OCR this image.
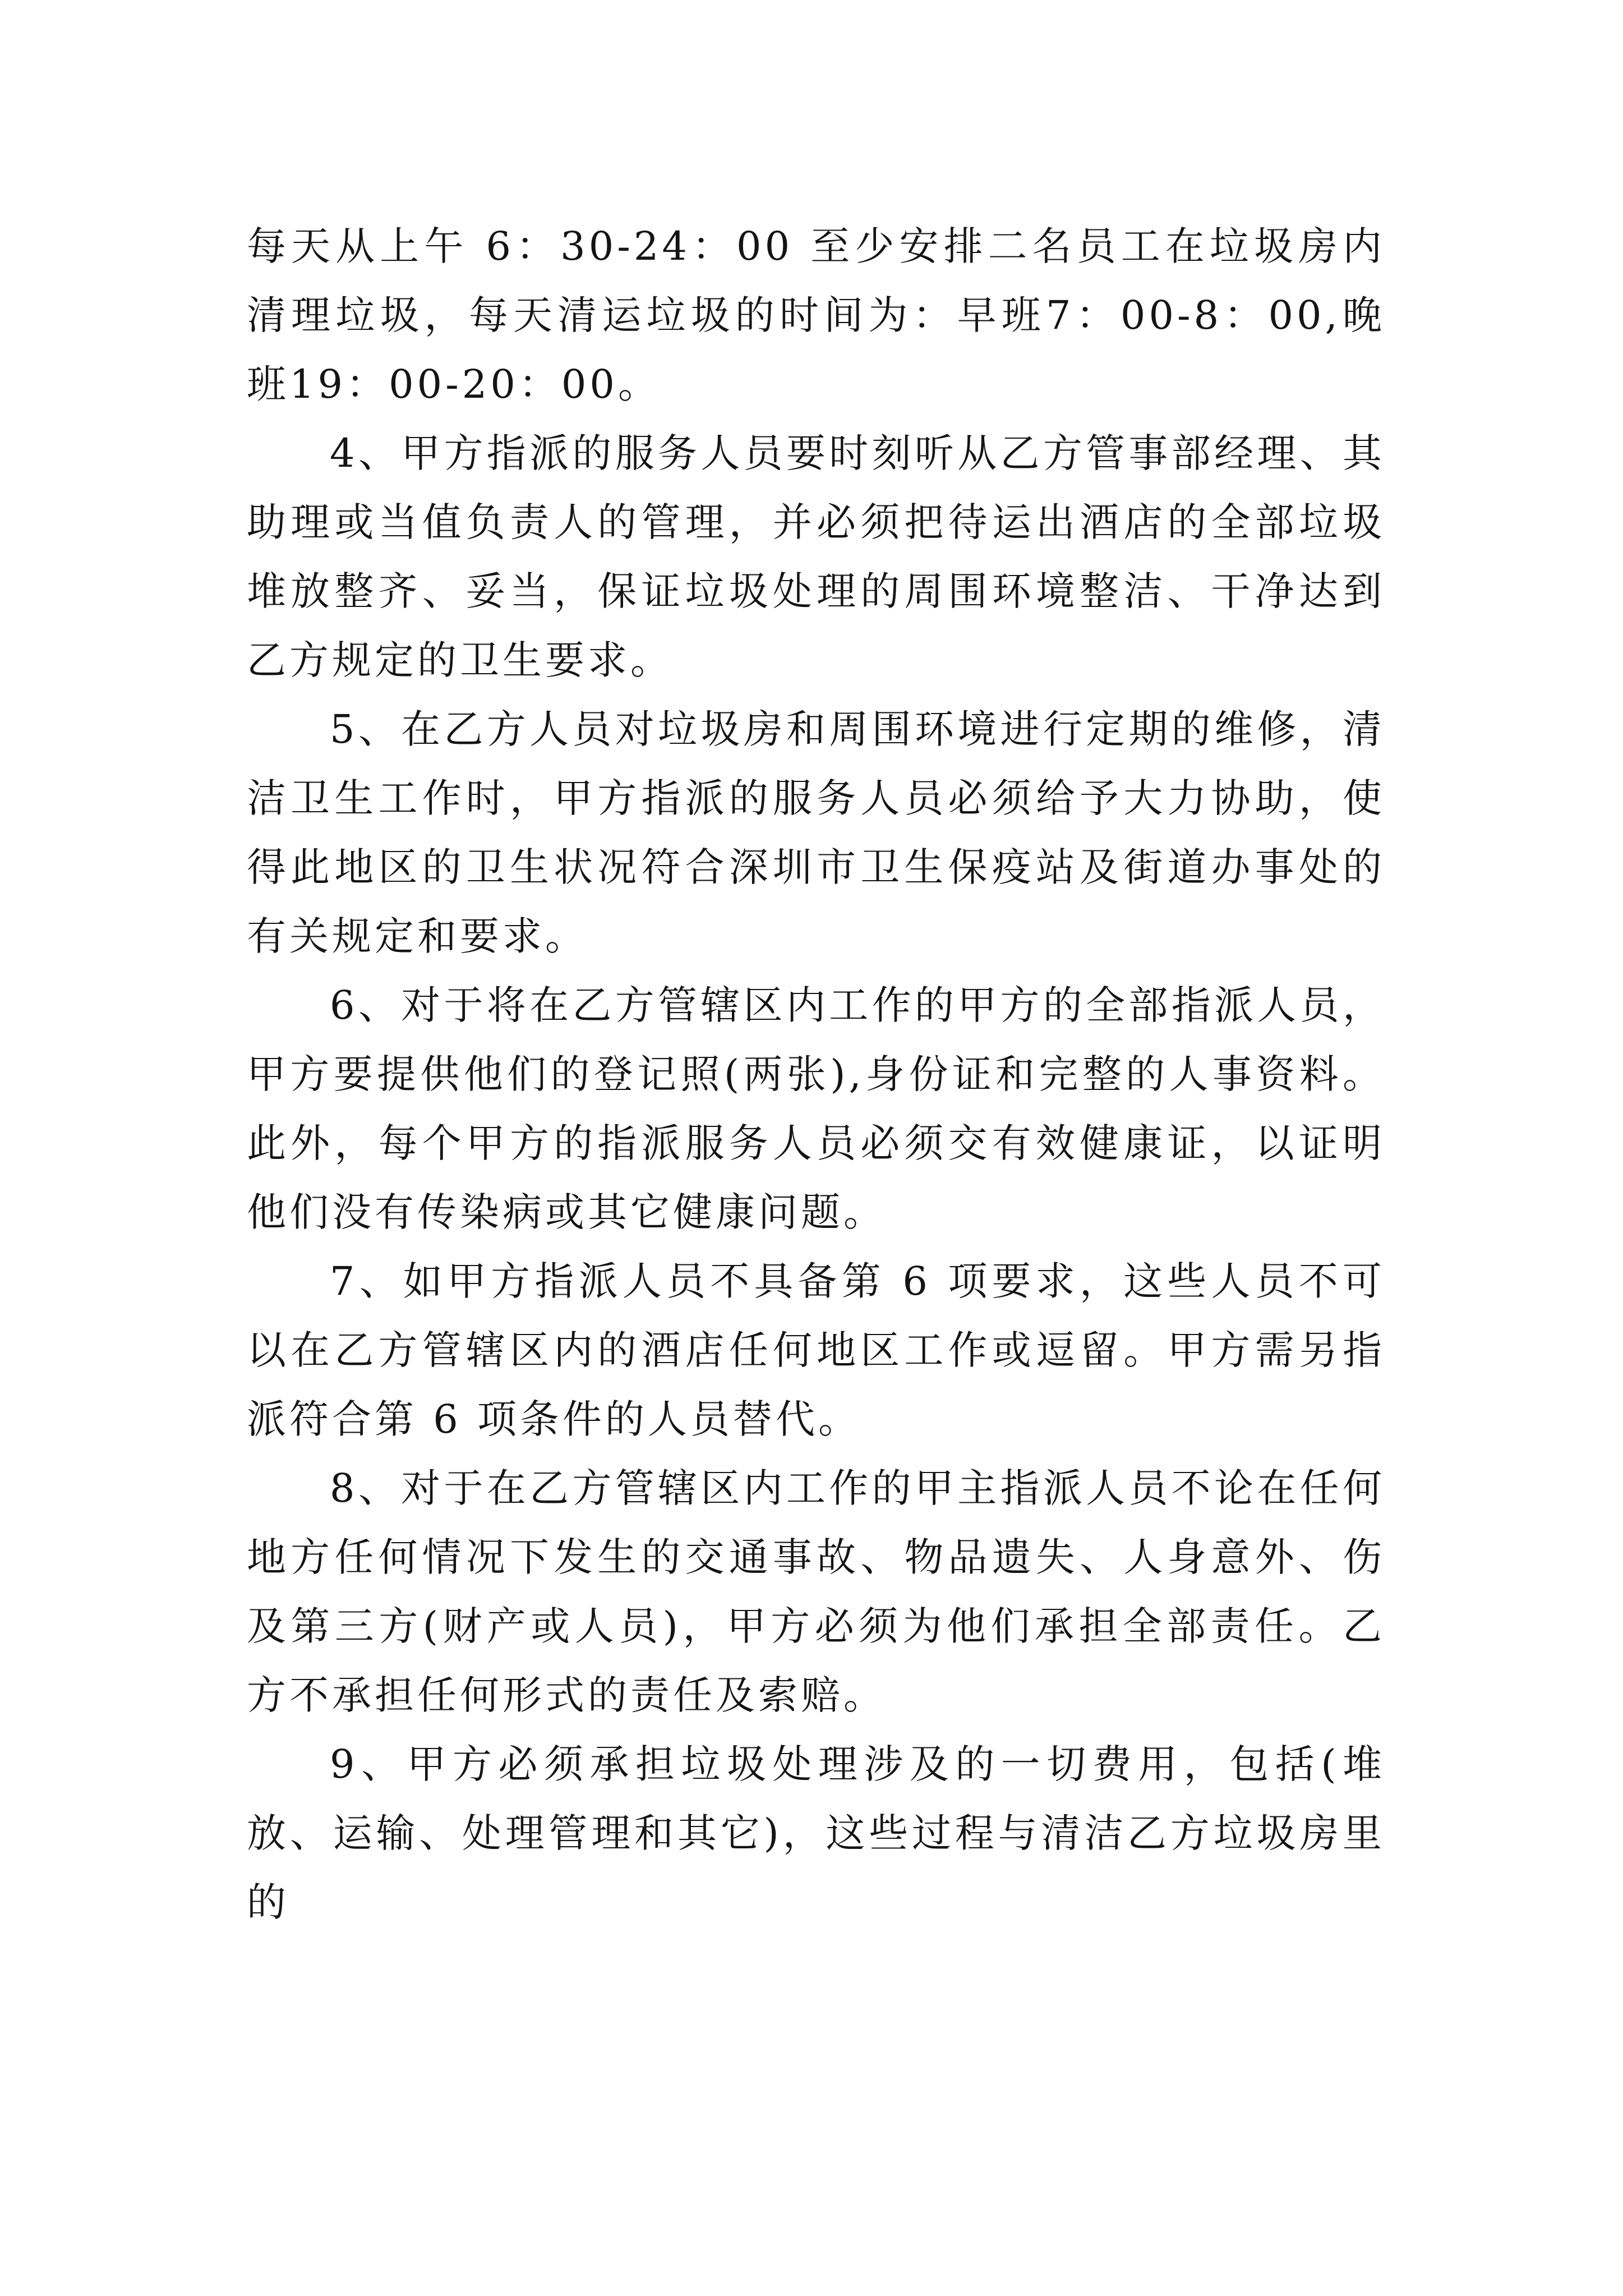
每天从上午 6：30-24：00 至少安排二名员工在垃圾房内清理垃圾，每天清运垃圾的时间为：早班7：00-8：00,晚班19：00-20：00。

4、甲方指派的服务人员要时刻听从乙方管事部经理、其助理或当值负责人的管理，并必须把待运出酒店的全部垃圾堆放整齐、妥当，保证垃圾处理的周围环境整洁、干净达到乙方规定的卫生要求。

5、在乙方人员对垃圾房和周围环境进行定期的维修，清洁卫生工作时，甲方指派的服务人员必须给予大力协助，使得此地区的卫生状况符合深圳市卫生保疫站及街道办事处的有关规定和要求。

6、对于将在乙方管辖区内工作的甲方的全部指派人员，甲方要提供他们的登记照(两张),身份证和完整的人事资料。此外，每个甲方的指派服务人员必须交有效健康证，以证明他们没有传染病或其它健康问题。

7、如甲方指派人员不具备第 6 项要求，这些人员不可以在乙方管辖区内的酒店任何地区工作或逗留。甲方需另指派符合第 6 项条件的人员替代。

8、对于在乙方管辖区内工作的甲主指派人员不论在任何地方任何情况下发生的交通事故、物品遗失、人身意外、伤及第三方(财产或人员)，甲方必须为他们承担全部责任。乙方不承担任何形式的责任及索赔。

9、甲方必须承担垃圾处理涉及的一切费用，包括(堆放、运输、处理管理和其它)，这些过程与清洁乙方垃圾房里的
